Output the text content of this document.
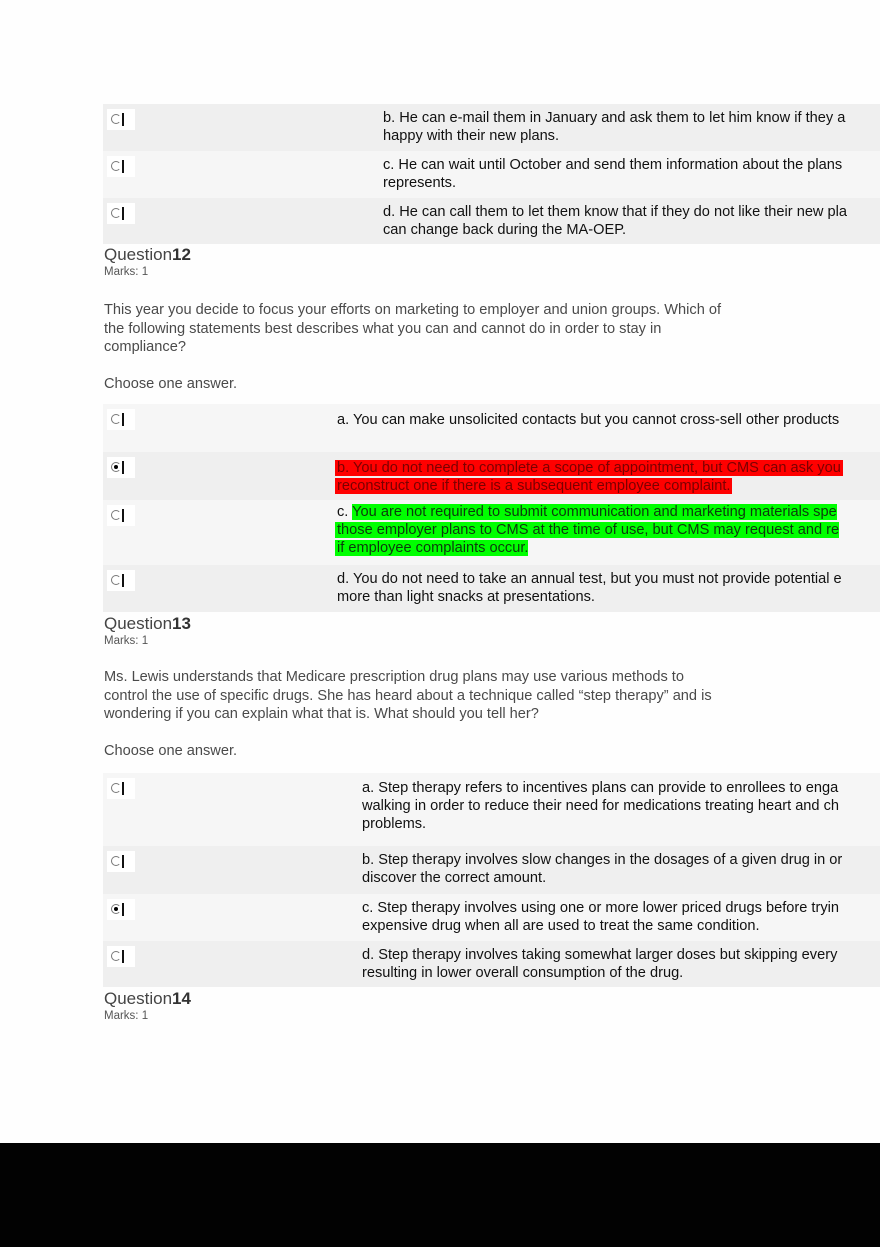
b. He can e-mail them in January and ask them to let him know if they a
happy with their new plans.
c. He can wait until October and send them information about the plans
represents.
d. He can call them to let them know that if they do not like their new pla
can change back during the MA-OEP.
Question12
Marks: 1
This year you decide to focus your efforts on marketing to employer and union groups. Which of
the following statements best describes what you can and cannot do in order to stay in
compliance?
Choose one answer.
a. You can make unsolicited contacts but you cannot cross-sell other products
b. You do not need to complete a scope of appointment, but CMS can ask you
reconstruct one if there is a subsequent employee complaint.
c. You are not required to submit communication and marketing materials spe
those employer plans to CMS at the time of use, but CMS may request and re
if employee complaints occur.
d. You do not need to take an annual test, but you must not provide potential e
more than light snacks at presentations.
Question13
Marks: 1
Ms. Lewis understands that Medicare prescription drug plans may use various methods to
control the use of specific drugs. She has heard about a technique called “step therapy” and is
wondering if you can explain what that is. What should you tell her?
Choose one answer.
a. Step therapy refers to incentives plans can provide to enrollees to enga
walking in order to reduce their need for medications treating heart and ch
problems.
b. Step therapy involves slow changes in the dosages of a given drug in or
discover the correct amount.
c. Step therapy involves using one or more lower priced drugs before tryin
expensive drug when all are used to treat the same condition.
d. Step therapy involves taking somewhat larger doses but skipping every
resulting in lower overall consumption of the drug.
Question14
Marks: 1
